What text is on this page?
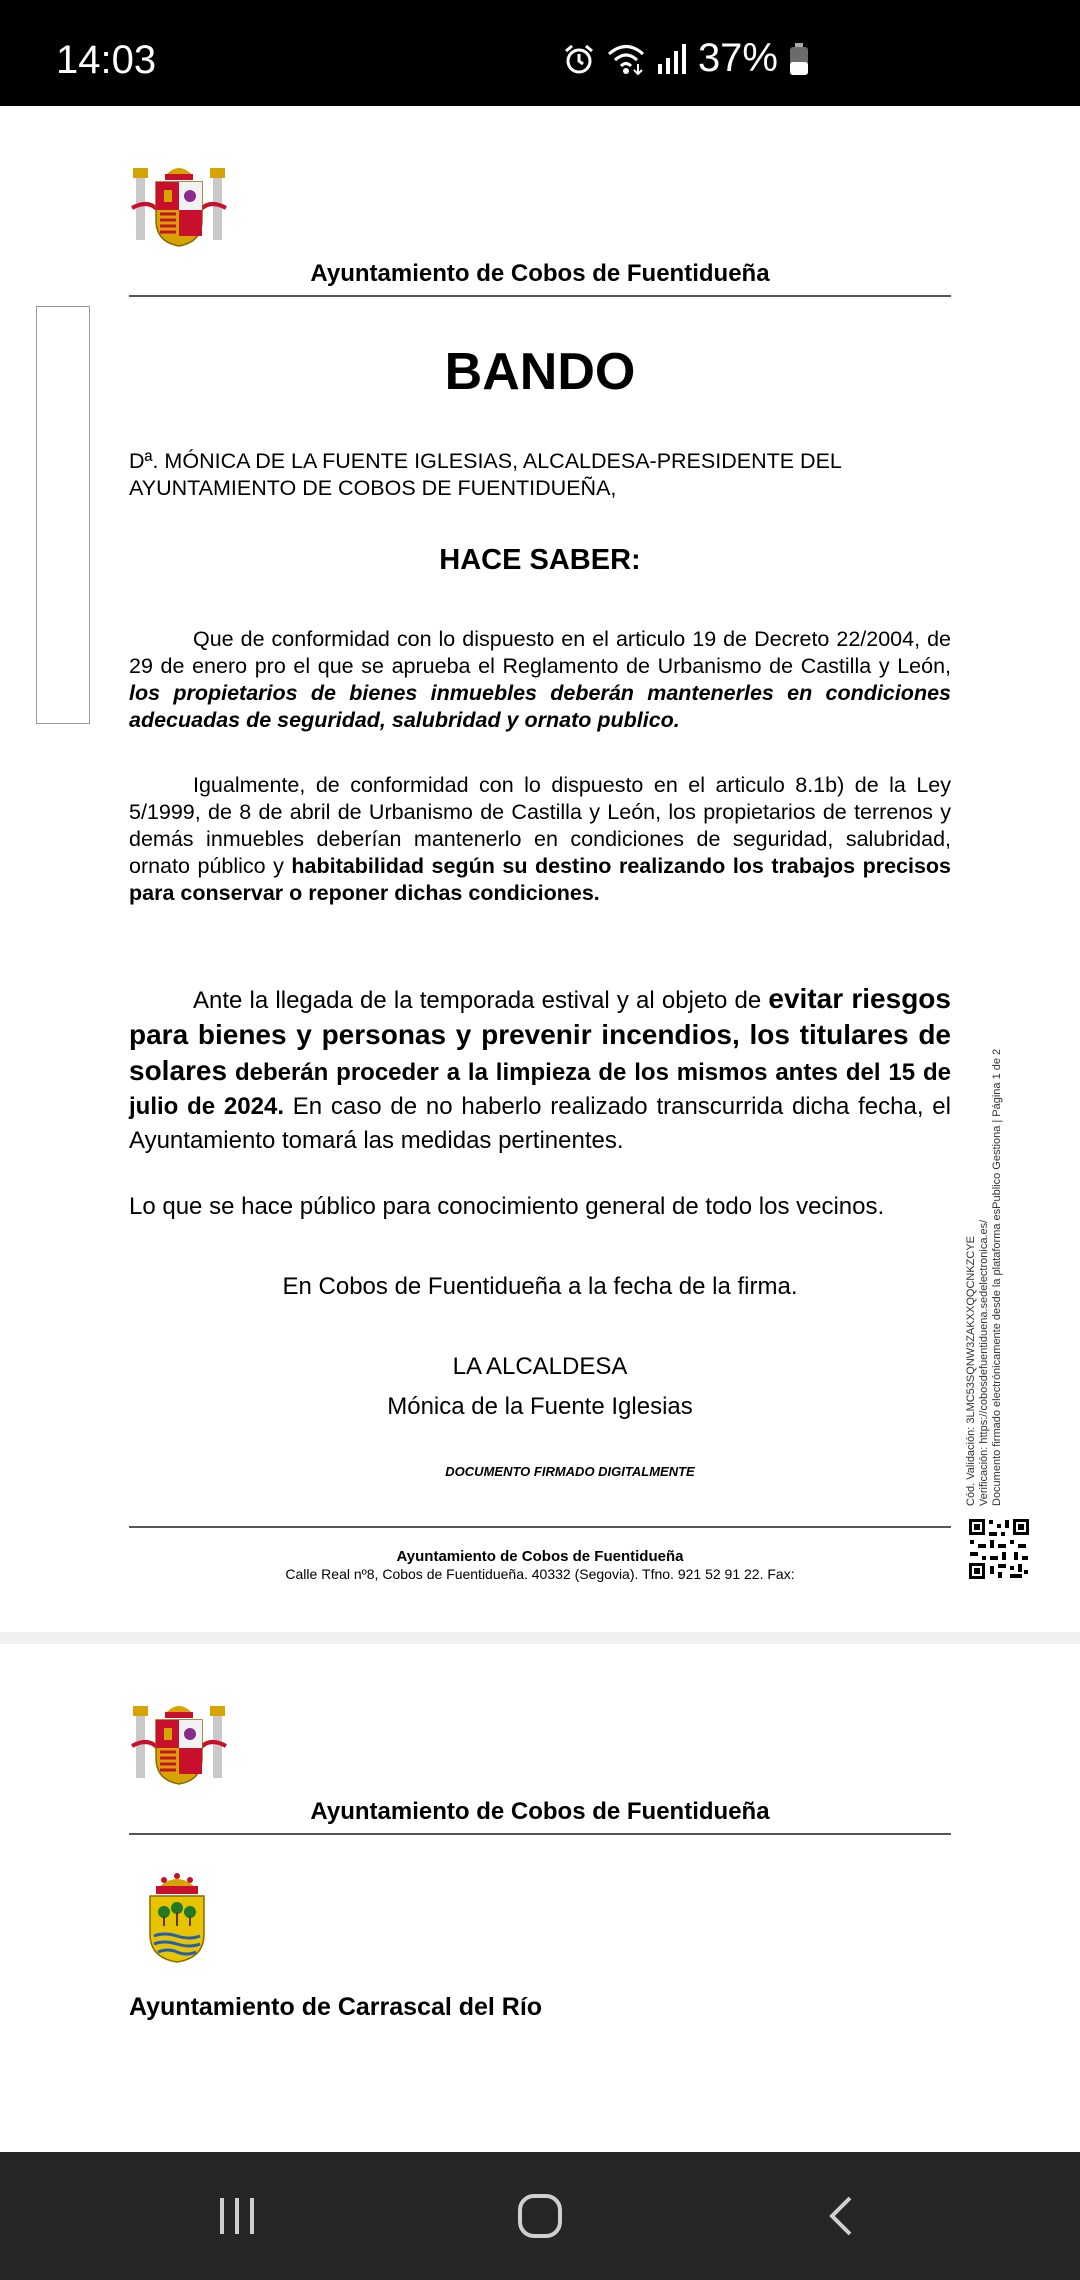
14:03	37%
Ayuntamiento de Cobos de Fuentidueña
BANDO
Dª. MÓNICA DE LA FUENTE IGLESIAS, ALCALDESA-PRESIDENTE DEL AYUNTAMIENTO DE COBOS DE FUENTIDUEÑA,
HACE SABER:
Que de conformidad con lo dispuesto en el articulo 19 de Decreto 22/2004, de 29 de enero pro el que se aprueba el Reglamento de Urbanismo de Castilla y León, los propietarios de bienes inmuebles deberán mantenerles en condiciones adecuadas de seguridad, salubridad y ornato publico.
Igualmente, de conformidad con lo dispuesto en el articulo 8.1b) de la Ley 5/1999, de 8 de abril de Urbanismo de Castilla y León, los propietarios de terrenos y demás inmuebles deberían mantenerlo en condiciones de seguridad, salubridad, ornato público y habitabilidad según su destino realizando los trabajos precisos para conservar o reponer dichas condiciones.
Ante la llegada de la temporada estival y al objeto de evitar riesgos para bienes y personas y prevenir incendios, los titulares de solares deberán proceder a la limpieza de los mismos antes del 15 de julio de 2024. En caso de no haberlo realizado transcurrida dicha fecha, el Ayuntamiento tomará las medidas pertinentes.
Lo que se hace público para conocimiento general de todo los vecinos.
En Cobos de Fuentidueña a la fecha de la firma.
LA ALCALDESA
Mónica de la Fuente Iglesias
DOCUMENTO FIRMADO DIGITALMENTE	Cód. Validación: 3LMC53SQNW3ZAKXXQQCNKZCYE Verificación: https://cobosdefuentiduena.sedelectronica.es/ Documento firmado electrónicamente desde la plataforma esPublico Gestiona | Página 1 de 2
Ayuntamiento de Cobos de Fuentidueña
Calle Real nº8, Cobos de Fuentidueña. 40332 (Segovia). Tfno. 921 52 91 22. Fax:
Ayuntamiento de Cobos de Fuentidueña
Ayuntamiento de Carrascal del Río
